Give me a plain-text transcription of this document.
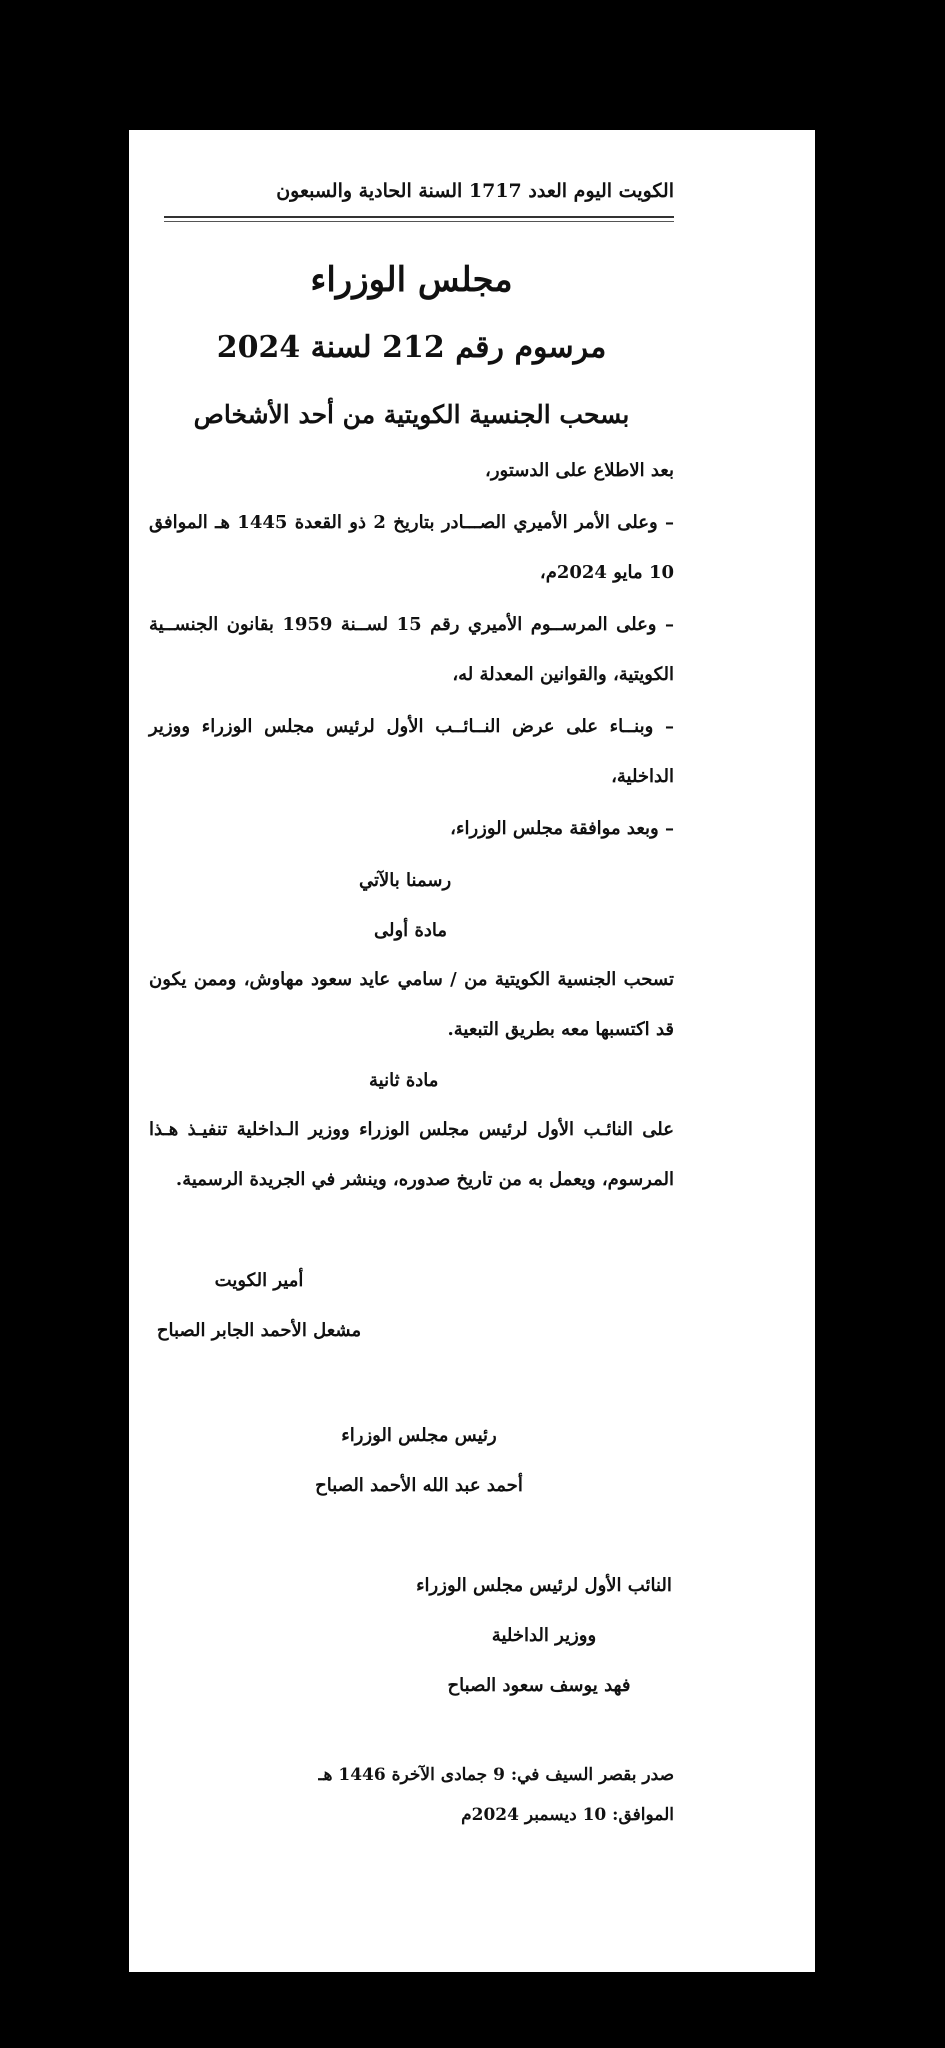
الكويت اليوم العدد 1717 السنة الحادية والسبعون
مجلس الوزراء
مرسوم رقم 212 لسنة 2024
بسحب الجنسية الكويتية من أحد الأشخاص
بعد الاطلاع على الدستور،
– وعلى الأمر الأميري الصـــادر بتاريخ 2 ذو القعدة 1445 هـ الموافق 10 مايو 2024م،
– وعلى المرســوم الأميري رقم 15 لســنة 1959 بقانون الجنســية الكويتية، والقوانين المعدلة له،
– وبنــاء على عرض النــائــب الأول لرئيس مجلس الوزراء ووزير الداخلية،
– وبعد موافقة مجلس الوزراء،
رسمنا بالآتي
مادة أولى
تسحب الجنسية الكويتية من / سامي عايد سعود مهاوش، وممن يكون قد اكتسبها معه بطريق التبعية.
مادة ثانية
على النائـب الأول لرئيس مجلس الوزراء ووزير الـداخلية تنفيـذ هـذا المرسوم، ويعمل به من تاريخ صدوره، وينشر في الجريدة الرسمية.
أمير الكويت
مشعل الأحمد الجابر الصباح
رئيس مجلس الوزراء
أحمد عبد الله الأحمد الصباح
النائب الأول لرئيس مجلس الوزراء
ووزير الداخلية
فهد يوسف سعود الصباح
صدر بقصر السيف في: 9 جمادى الآخرة 1446 هـ
الموافق: 10 ديسمبر 2024م
